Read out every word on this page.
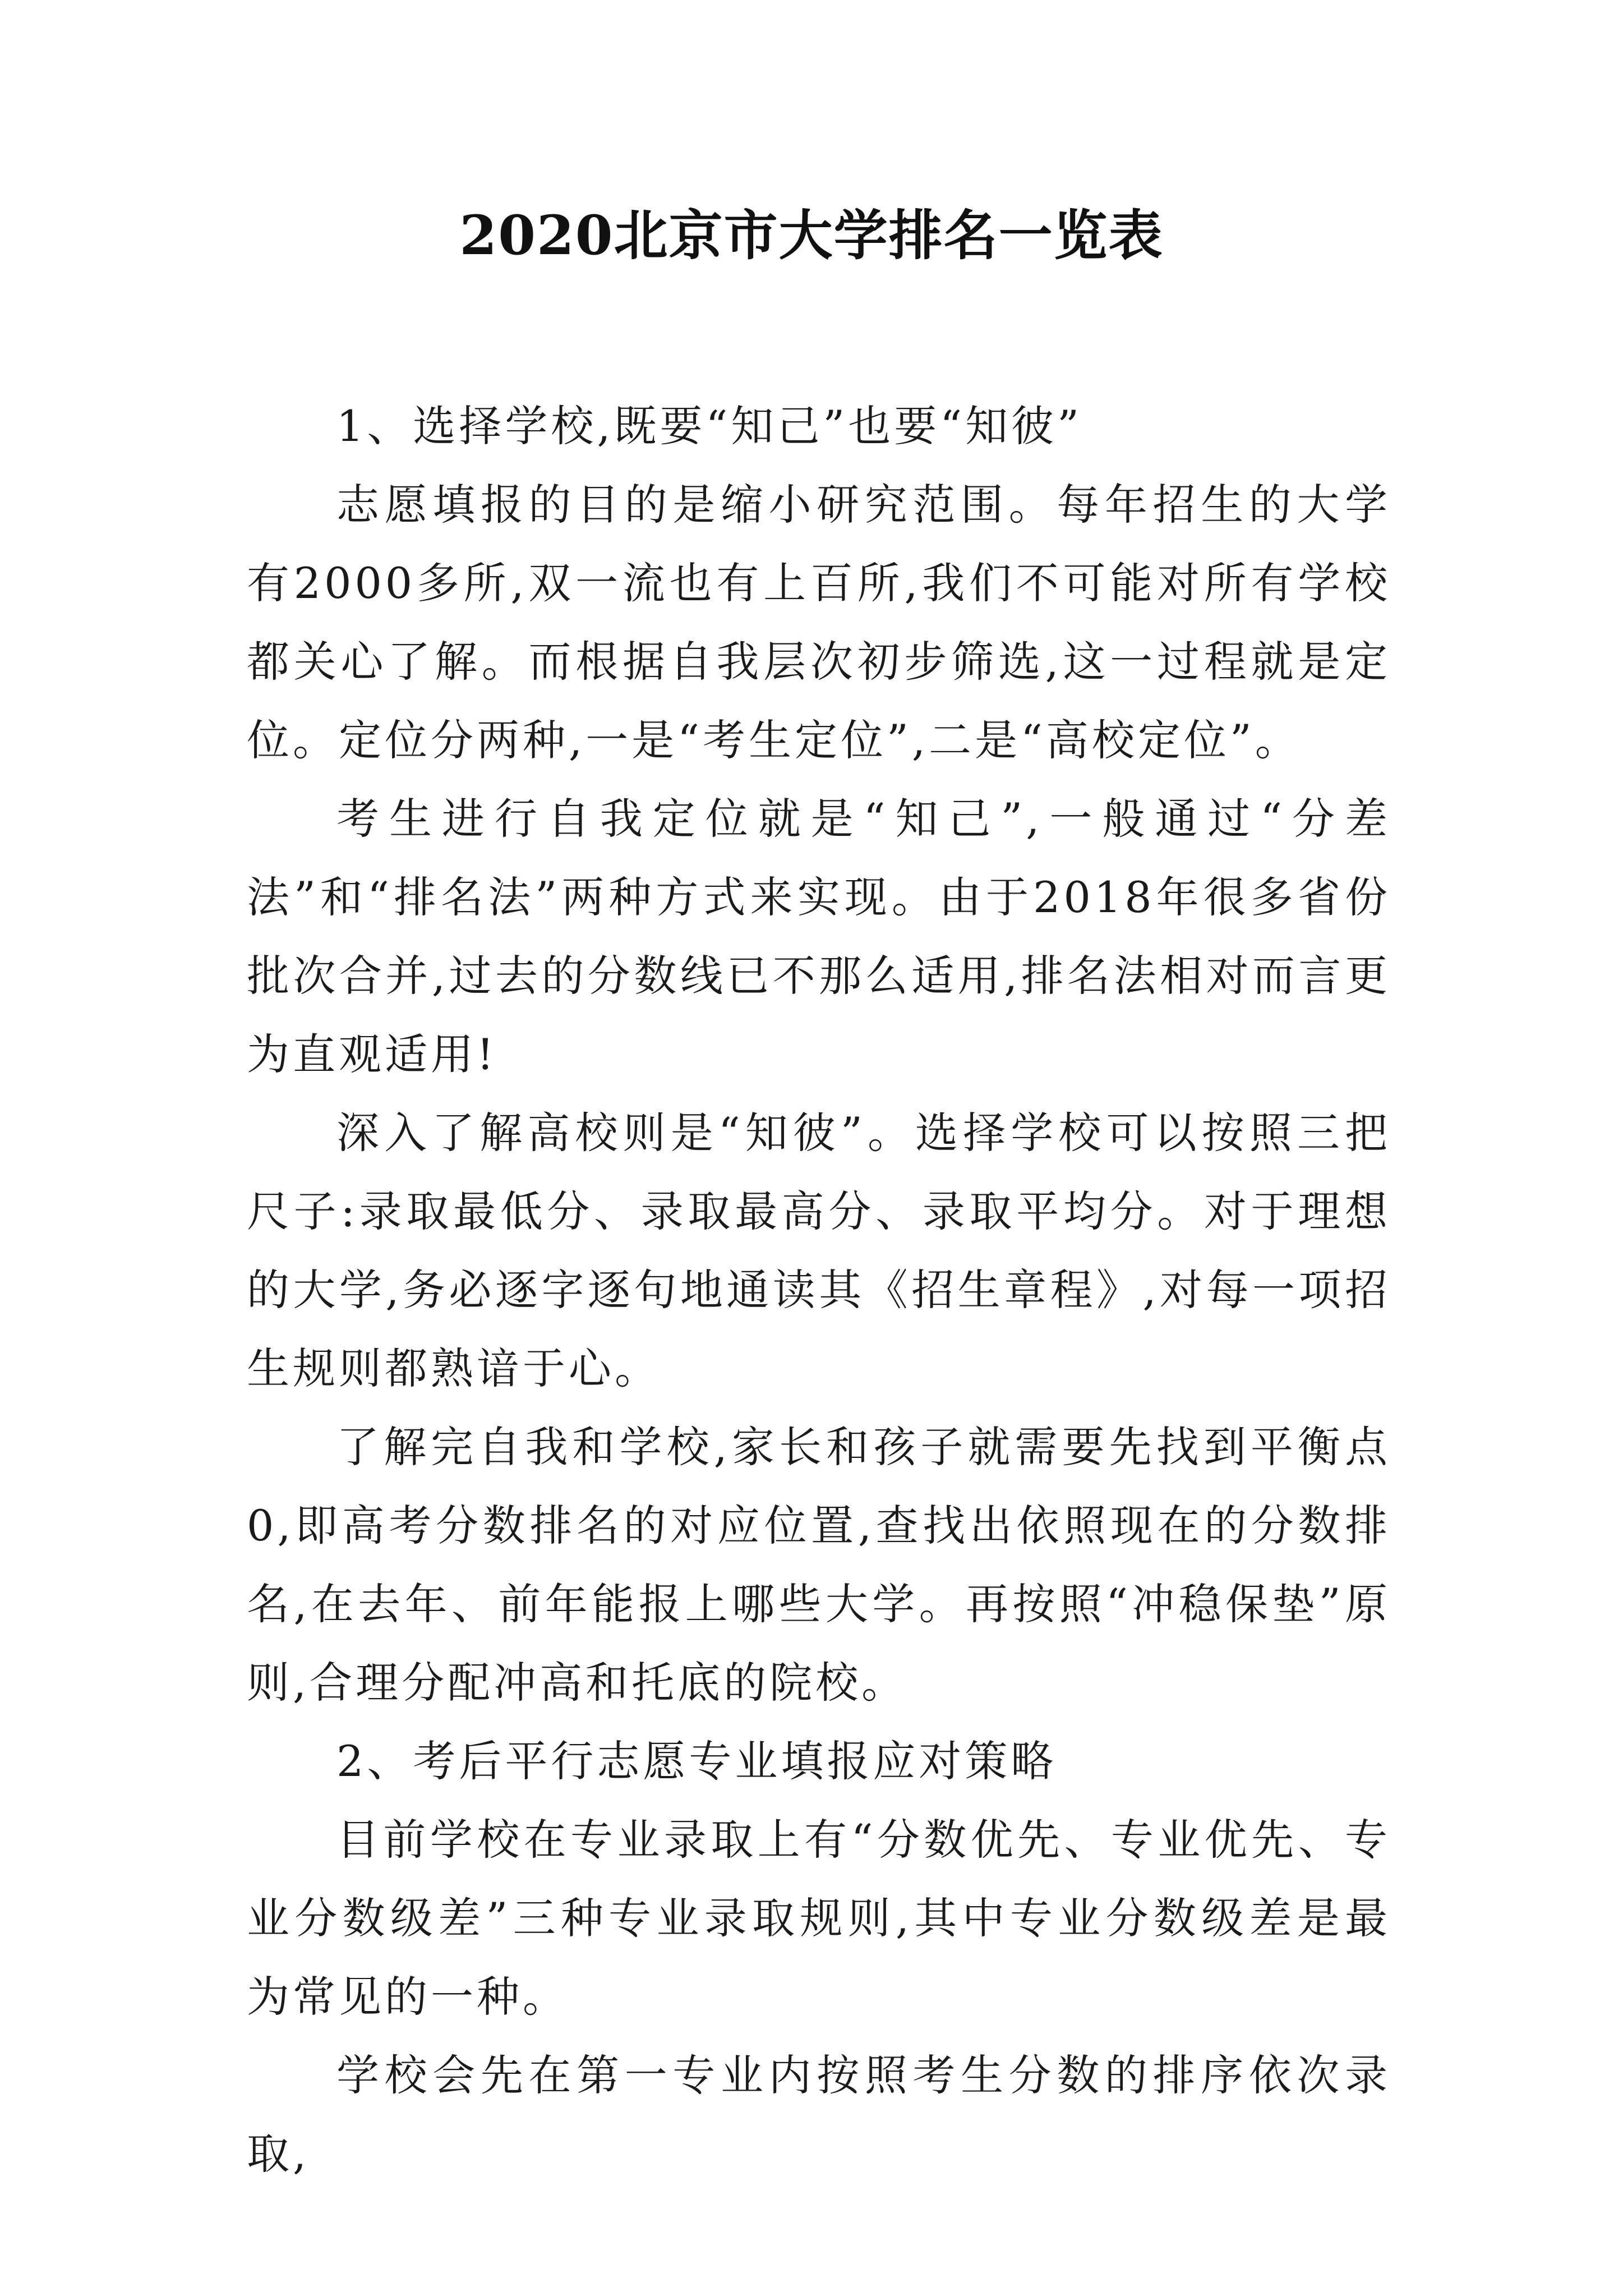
2020北京市大学排名一览表

1、选择学校,既要“知己”也要“知彼”

志愿填报的目的是缩小研究范围。每年招生的大学有2000多所,双一流也有上百所,我们不可能对所有学校都关心了解。而根据自我层次初步筛选,这一过程就是定位。定位分两种,一是“考生定位”,二是“高校定位”。

考生进行自我定位就是“知己”,一般通过“分差法”和“排名法”两种方式来实现。由于2018年很多省份批次合并,过去的分数线已不那么适用,排名法相对而言更为直观适用!

深入了解高校则是“知彼”。选择学校可以按照三把尺子:录取最低分、录取最高分、录取平均分。对于理想的大学,务必逐字逐句地通读其《招生章程》,对每一项招生规则都熟谙于心。

了解完自我和学校,家长和孩子就需要先找到平衡点0,即高考分数排名的对应位置,查找出依照现在的分数排名,在去年、前年能报上哪些大学。再按照“冲稳保垫”原则,合理分配冲高和托底的院校。

2、考后平行志愿专业填报应对策略

目前学校在专业录取上有“分数优先、专业优先、专业分数级差”三种专业录取规则,其中专业分数级差是最为常见的一种。

学校会先在第一专业内按照考生分数的排序依次录取,
